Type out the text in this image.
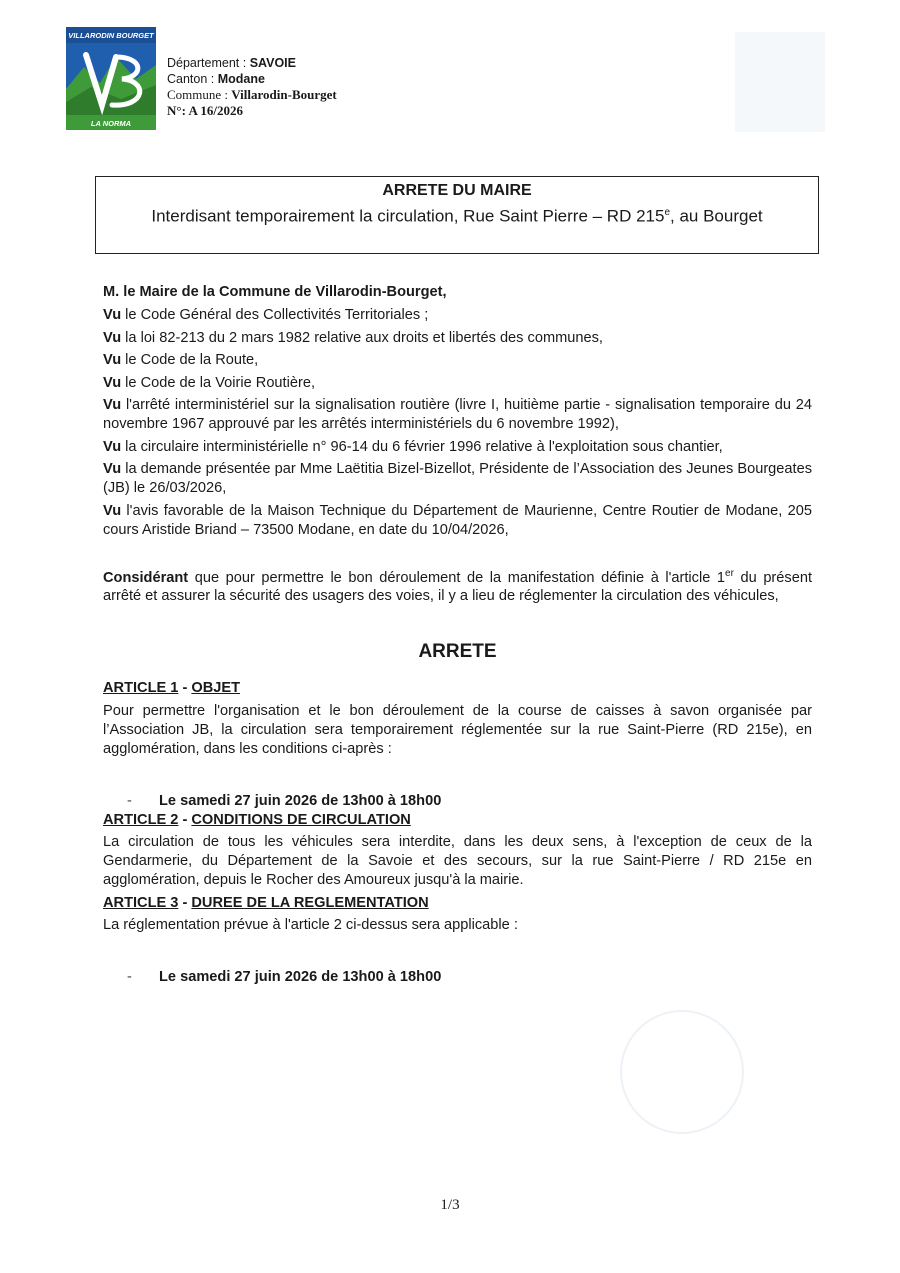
VILLARODIN BOURGET
LA NORMA
Département : SAVOIE
Canton : Modane
Commune : Villarodin-Bourget
N°: A 16/2026
ARRETE DU MAIRE
Interdisant temporairement la circulation, Rue Saint Pierre – RD 215e, au Bourget

M. le Maire de la Commune de Villarodin-Bourget,

Vu le Code Général des Collectivités Territoriales ;

Vu la loi 82-213 du 2 mars 1982 relative aux droits et libertés des communes,

Vu le Code de la Route,

Vu le Code de la Voirie Routière,

Vu l'arrêté interministériel sur la signalisation routière (livre I, huitième partie - signalisation temporaire du 24 novembre 1967 approuvé par les arrêtés interministériels du 6 novembre 1992),

Vu la circulaire interministérielle n° 96-14 du 6 février 1996 relative à l'exploitation sous chantier,

Vu la demande présentée par Mme Laëtitia Bizel-Bizellot, Présidente de l’Association des Jeunes Bourgeates (JB) le 26/03/2026,

Vu l'avis favorable de la Maison Technique du Département de Maurienne, Centre Routier de Modane, 205 cours Aristide Briand – 73500 Modane, en date du 10/04/2026,

Considérant que pour permettre le bon déroulement de la manifestation définie à l'article 1er du présent arrêté et assurer la sécurité des usagers des voies, il y a lieu de réglementer la circulation des véhicules,

ARRETE

ARTICLE 1 - OBJET

Pour permettre l'organisation et le bon déroulement de la course de caisses à savon organisée par l’Association JB, la circulation sera temporairement réglementée sur la rue Saint-Pierre (RD 215e), en agglomération, dans les conditions ci-après :

-	Le samedi 27 juin 2026 de 13h00 à 18h00

ARTICLE 2 - CONDITIONS DE CIRCULATION

La circulation de tous les véhicules sera interdite, dans les deux sens, à l'exception de ceux de la Gendarmerie, du Département de la Savoie et des secours, sur la rue Saint-Pierre / RD 215e en agglomération, depuis le Rocher des Amoureux jusqu'à la mairie.

ARTICLE 3 - DUREE DE LA REGLEMENTATION

La réglementation prévue à l'article 2 ci-dessus sera applicable :

-	Le samedi 27 juin 2026 de 13h00 à 18h00
1/3
